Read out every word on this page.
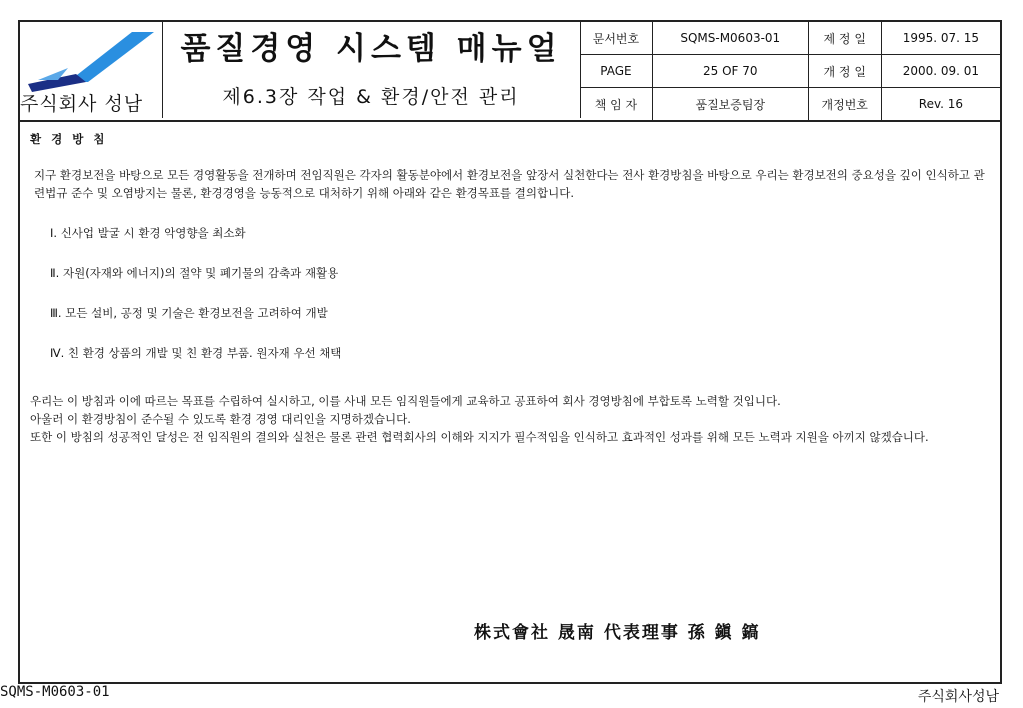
주식회사 성남
품질경영 시스템 매뉴얼
제6.3장 작업 & 환경/안전 관리
문서번호	SQMS-M0603-01	제 정 일	1995. 07. 15
PAGE	25 OF 70	개 정 일	2000. 09. 01
책 임 자	품질보증팀장	개정번호	Rev. 16
환 경 방 침
지구 환경보전을 바탕으로 모든 경영활동을 전개하며 전임직원은 각자의 활동분야에서 환경보전을 앞장서 실천한다는 전사 환경방침을 바탕으로 우리는 환경보전의 중요성을 깊이 인식하고 관련법규 준수 및 오염방지는 물론, 환경경영을 능동적으로 대처하기 위해 아래와 같은 환경목표를 결의합니다.
Ⅰ. 신사업 발굴 시 환경 악영향을 최소화
Ⅱ. 자원(자재와 에너지)의 절약 및 폐기물의 감축과 재활용
Ⅲ. 모든 설비, 공정 및 기술은 환경보전을 고려하여 개발
Ⅳ. 친 환경 상품의 개발 및 친 환경 부품. 원자재 우선 채택
우리는 이 방침과 이에 따르는 목표를 수립하여 실시하고, 이를 사내 모든 임직원들에게 교육하고 공표하여 회사 경영방침에 부합토록 노력할 것입니다.
아울러 이 환경방침이 준수될 수 있도록 환경 경영 대리인을 지명하겠습니다.
또한 이 방침의 성공적인 달성은 전 임직원의 결의와 실천은 물론 관련 협력회사의 이해와 지지가 필수적임을 인식하고 효과적인 성과를 위해 모든 노력과 지원을 아끼지 않겠습니다.
株式會社 晟南 代表理事 孫 鎭 鎬
SQMS-M0603-01	주식회사성남
